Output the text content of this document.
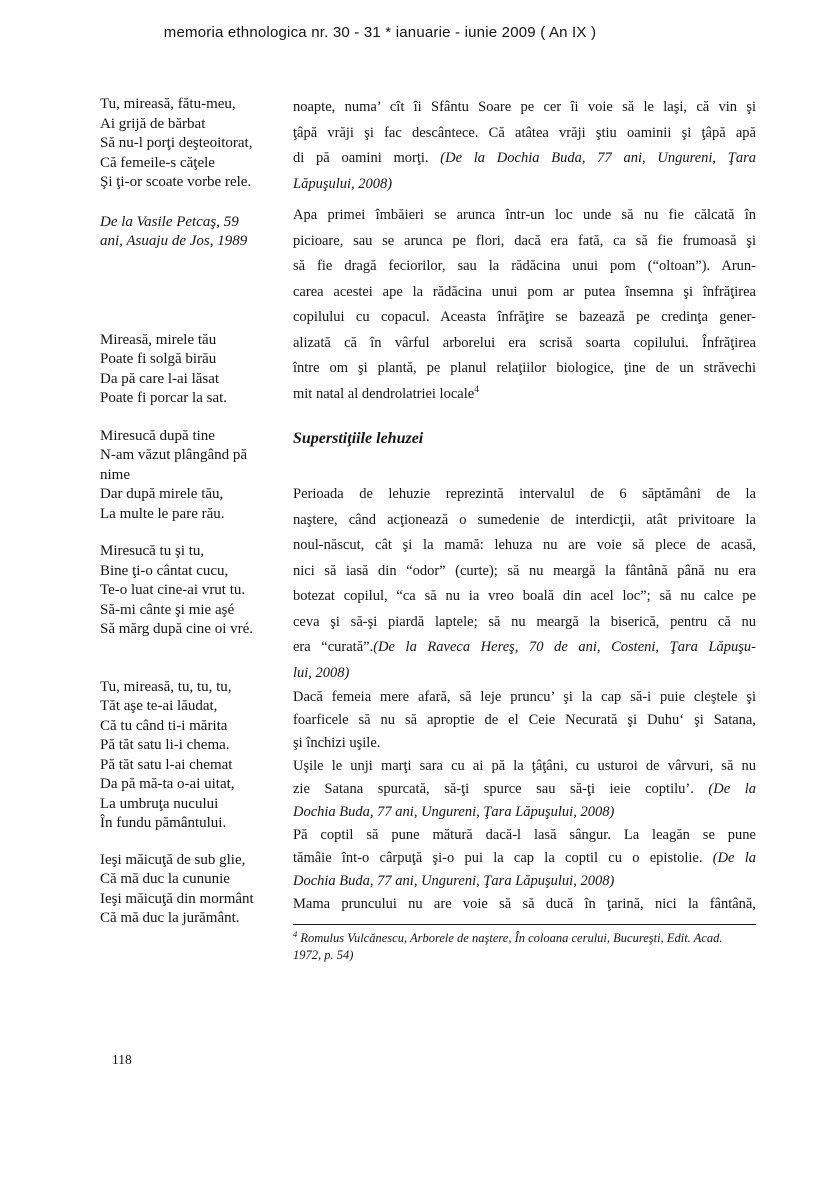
memoria ethnologica nr. 30 - 31 * ianuarie - iunie 2009 ( An IX )
Tu, mireasă, fătu-meu,
Ai grijă de bărbat
Să nu-l porţi deşteoitorat,
Că femeile-s căţele
Şi ţi-or scoate vorbe rele.
De la Vasile Petcaş, 59
ani, Asuaju de Jos, 1989
Mireasă, mirele tău
Poate fi solgă birău
Da pă care l-ai lăsat
Poate fi porcar la sat.
Miresucă după tine
N-am văzut plângând pă
nime
Dar după mirele tău,
La multe le pare rău.
Miresucă tu şi tu,
Bine ţi-o cântat cucu,
Te-o luat cine-ai vrut tu.
Să-mi cânte şi mie aşé
Să mărg după cine oi vré.
Tu, mireasă, tu, tu, tu,
Tăt aşe te-ai lăudat,
Că tu când ti-i mărita
Pă tăt satu li-i chema.
Pă tăt satu l-ai chemat
Da pă mă-ta o-ai uitat,
La umbruţa nucului
În fundu pământului.
Ieşi măicuţă de sub glie,
Că mă duc la cununie
Ieşi măicuţă din mormânt
Că mă duc la jurământ.
noapte, numa’ cît îi Sfântu Soare pe cer îi voie să le laşi, că vin şi
ţâpă vrăji şi fac descântece. Că atâtea vrăji ştiu oaminii şi ţâpă apă
di pă oamini morţi. (De la Dochia Buda, 77 ani, Ungureni, Ţara
Lăpuşului, 2008)
Apa primei îmbăieri se arunca într-un loc unde să nu fie călcată în
picioare, sau se arunca pe flori, dacă era fată, ca să fie frumoasă şi
să fie dragă feciorilor, sau la rădăcina unui pom (“oltoan”). Arun-
carea acestei ape la rădăcina unui pom ar putea însemna şi înfrăţirea
copilului cu copacul. Aceasta înfrăţire se bazează pe credinţa gener-
alizată că în vârful arborelui era scrisă soarta copilului. Înfrăţirea
între om şi plantă, pe planul relaţiilor biologice, ţine de un străvechi
mit natal al dendrolatriei locale$^4$
Superstiţiile lehuzei
Perioada de lehuzie reprezintă intervalul de 6 săptămâni de la
naştere, când acţionează o sumedenie de interdicţii, atât privitoare la
noul-născut, cât şi la mamă: lehuza nu are voie să plece de acasă,
nici să iasă din “odor” (curte); să nu meargă la fântână până nu era
botezat copilul, “ca să nu ia vreo boală din acel loc”; să nu calce pe
ceva şi să-şi piardă laptele; să nu meargă la biserică, pentru că nu
era “curată”.(De la Raveca Hereş, 70 de ani, Costeni, Ţara Lăpuşu-
lui, 2008)
Dacă femeia mere afară, să leje pruncu’ şi la cap să-i puie cleştele şi
foarficele să nu să aproptie de el Ceie Necurată şi Duhu‘ şi Satana,
şi închizi uşile.
Uşile le unji marţi sara cu ai pă la ţâţâni, cu usturoi de vârvuri, să nu
zie Satana spurcată, să-ţi spurce sau să-ţi ieie coptilu’. (De la
Dochia Buda, 77 ani, Ungureni, Ţara Lăpuşului, 2008)
Pă coptil să pune mătură dacă-l lasă sângur. La leagăn se pune
tămâie înt-o cârpuţă şi-o pui la cap la coptil cu o epistolie. (De la
Dochia Buda, 77 ani, Ungureni, Ţara Lăpuşului, 2008)
Mama pruncului nu are voie să să ducă în ţarină, nici la fântână,
$^4$ Romulus Vulcănescu, Arborele de naştere, În coloana cerului, Bucureşti, Edit. Acad.
1972, p. 54)
118
